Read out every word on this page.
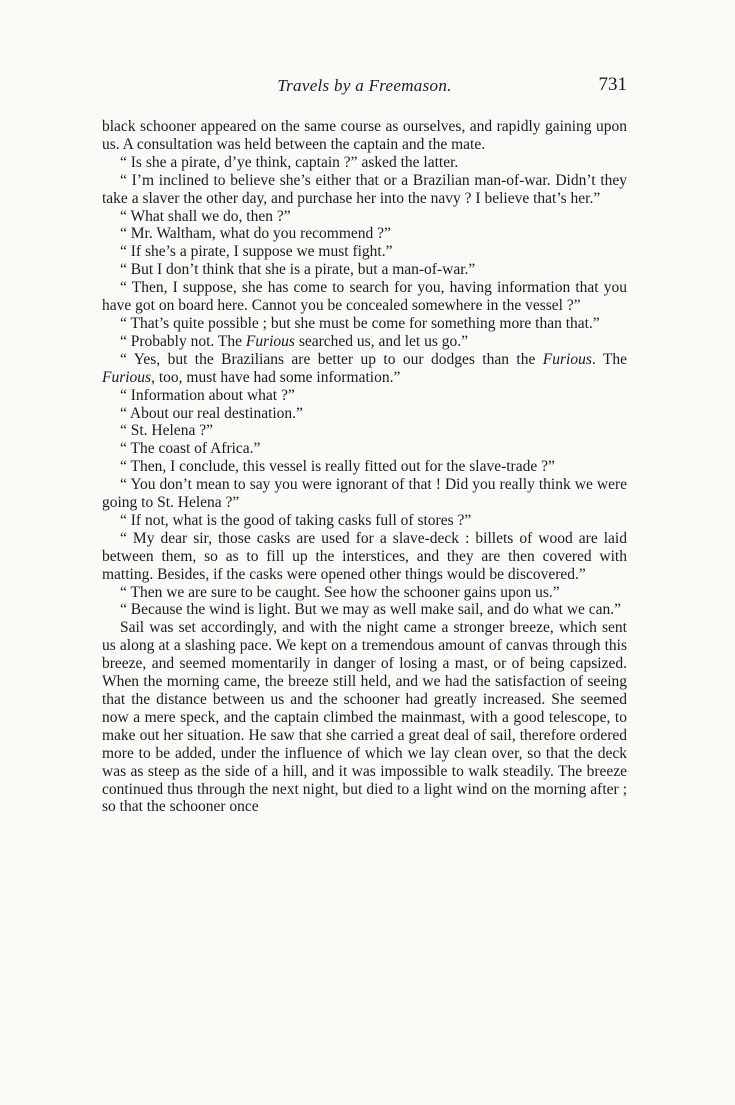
Travels by a Freemason.	731

black schooner appeared on the same course as ourselves, and rapidly gaining upon us. A consultation was held between the captain and the mate.

“ Is she a pirate, d’ye think, captain ?” asked the latter.

“ I’m inclined to believe she’s either that or a Brazilian man-of-war. Didn’t they take a slaver the other day, and purchase her into the navy ? I believe that’s her.”

“ What shall we do, then ?”

“ Mr. Waltham, what do you recommend ?”

“ If she’s a pirate, I suppose we must fight.”

“ But I don’t think that she is a pirate, but a man-of-war.”

“ Then, I suppose, she has come to search for you, having information that you have got on board here. Cannot you be concealed somewhere in the vessel ?”

“ That’s quite possible ; but she must be come for something more than that.”

“ Probably not. The Furious searched us, and let us go.”

“ Yes, but the Brazilians are better up to our dodges than the Furious. The Furious, too, must have had some information.”

“ Information about what ?”

“ About our real destination.”

“ St. Helena ?”

“ The coast of Africa.”

“ Then, I conclude, this vessel is really fitted out for the slave-trade ?”

“ You don’t mean to say you were ignorant of that ! Did you really think we were going to St. Helena ?”

“ If not, what is the good of taking casks full of stores ?”

“ My dear sir, those casks are used for a slave-deck : billets of wood are laid between them, so as to fill up the interstices, and they are then covered with matting. Besides, if the casks were opened other things would be discovered.”

“ Then we are sure to be caught. See how the schooner gains upon us.”

“ Because the wind is light. But we may as well make sail, and do what we can.”

Sail was set accordingly, and with the night came a stronger breeze, which sent us along at a slashing pace. We kept on a tremendous amount of canvas through this breeze, and seemed momentarily in danger of losing a mast, or of being capsized. When the morning came, the breeze still held, and we had the satisfaction of seeing that the distance between us and the schooner had greatly increased. She seemed now a mere speck, and the captain climbed the mainmast, with a good telescope, to make out her situation. He saw that she carried a great deal of sail, therefore ordered more to be added, under the influence of which we lay clean over, so that the deck was as steep as the side of a hill, and it was impossible to walk steadily. The breeze continued thus through the next night, but died to a light wind on the morning after ; so that the schooner once
